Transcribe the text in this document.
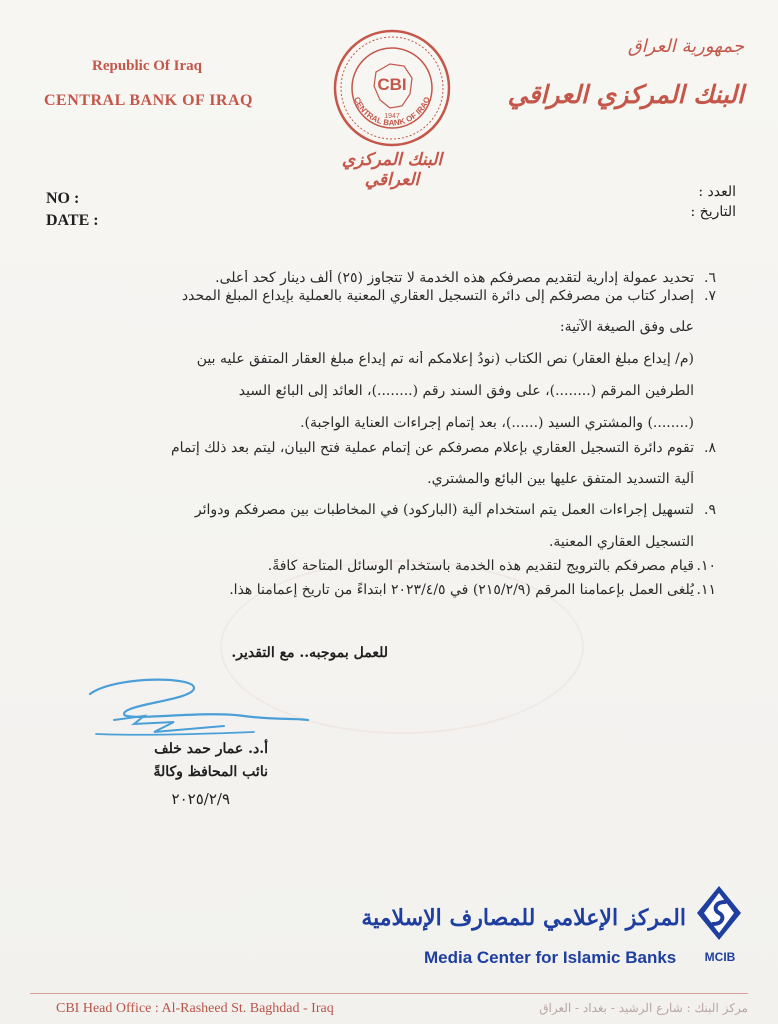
Republic Of Iraq
CENTRAL BANK OF IRAQ
جمهورية العراق
البنك المركزي العراقي
CBI
1947
CENTRAL BANK OF IRAQ
البنك المركزي العراقي
NO :
DATE :
العدد :
التاريخ :
٦.
تحديد عمولة إدارية لتقديم مصرفكم هذه الخدمة لا تتجاوز (٢٥) ألف دينار كحد أعلى.
٧.
إصدار كتاب من مصرفكم إلى دائرة التسجيل العقاري المعنية بالعملية بإيداع المبلغ المحدد
على وفق الصيغة الآتية:
(م/ إيداع مبلغ العقار) نص الكتاب (نودُ إعلامكم أنه تم إيداع مبلغ العقار المتفق عليه بين
الطرفين المرقم (........)، على وفق السند رقم (........)، العائد إلى البائع السيد
(........) والمشتري السيد (......)، بعد إتمام إجراءات العناية الواجبة).
٨.
تقوم دائرة التسجيل العقاري بإعلام مصرفكم عن إتمام عملية فتح البيان، ليتم بعد ذلك إتمام
آلية التسديد المتفق عليها بين البائع والمشتري.
٩.
لتسهيل إجراءات العمل يتم استخدام آلية (الباركود) في المخاطبات بين مصرفكم ودوائر
التسجيل العقاري المعنية.
١٠.
قيام مصرفكم بالترويج لتقديم هذه الخدمة باستخدام الوسائل المتاحة كافةً.
١١.
يُلغى العمل بإعمامنا المرقم (٢١٥/٢/٩) في ٢٠٢٣/٤/٥ ابتداءً من تاريخ إعمامنا هذا.
للعمل بموجبه.. مع التقدير.
أ.د. عمار حمد خلف
نائب المحافظ وكالةً
٢٠٢٥/٢/٩
المركز الإعلامي للمصارف الإسلامية
Media Center for Islamic Banks	MCIB
CBI Head Office : Al-Rasheed St. Baghdad - Iraq	مركز البنك : شارع الرشيد - بغداد - العراق
